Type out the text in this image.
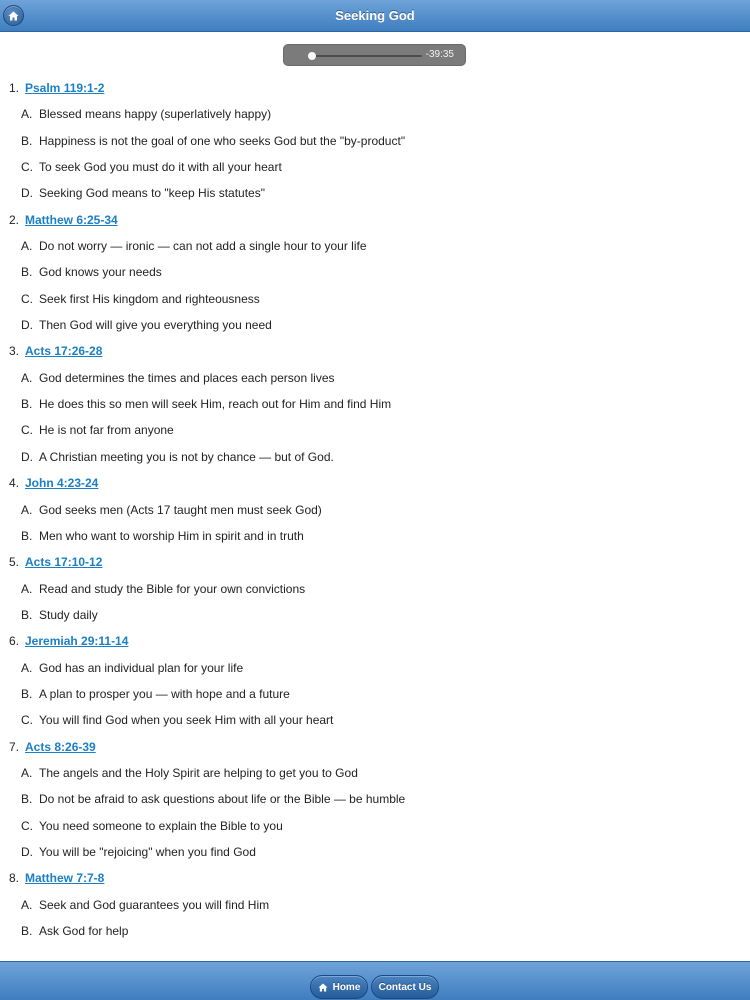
Seeking God
-39:35
1. Psalm 119:1-2
A. Blessed means happy (superlatively happy)
B. Happiness is not the goal of one who seeks God but the "by-product"
C. To seek God you must do it with all your heart
D. Seeking God means to "keep His statutes"
2. Matthew 6:25-34
A. Do not worry — ironic — can not add a single hour to your life
B. God knows your needs
C. Seek first His kingdom and righteousness
D. Then God will give you everything you need
3. Acts 17:26-28
A. God determines the times and places each person lives
B. He does this so men will seek Him, reach out for Him and find Him
C. He is not far from anyone
D. A Christian meeting you is not by chance — but of God.
4. John 4:23-24
A. God seeks men (Acts 17 taught men must seek God)
B. Men who want to worship Him in spirit and in truth
5. Acts 17:10-12
A. Read and study the Bible for your own convictions
B. Study daily
6. Jeremiah 29:11-14
A. God has an individual plan for your life
B. A plan to prosper you — with hope and a future
C. You will find God when you seek Him with all your heart
7. Acts 8:26-39
A. The angels and the Holy Spirit are helping to get you to God
B. Do not be afraid to ask questions about life or the Bible — be humble
C. You need someone to explain the Bible to you
D. You will be "rejoicing" when you find God
8. Matthew 7:7-8
A. Seek and God guarantees you will find Him
B. Ask God for help
Home Contact Us
